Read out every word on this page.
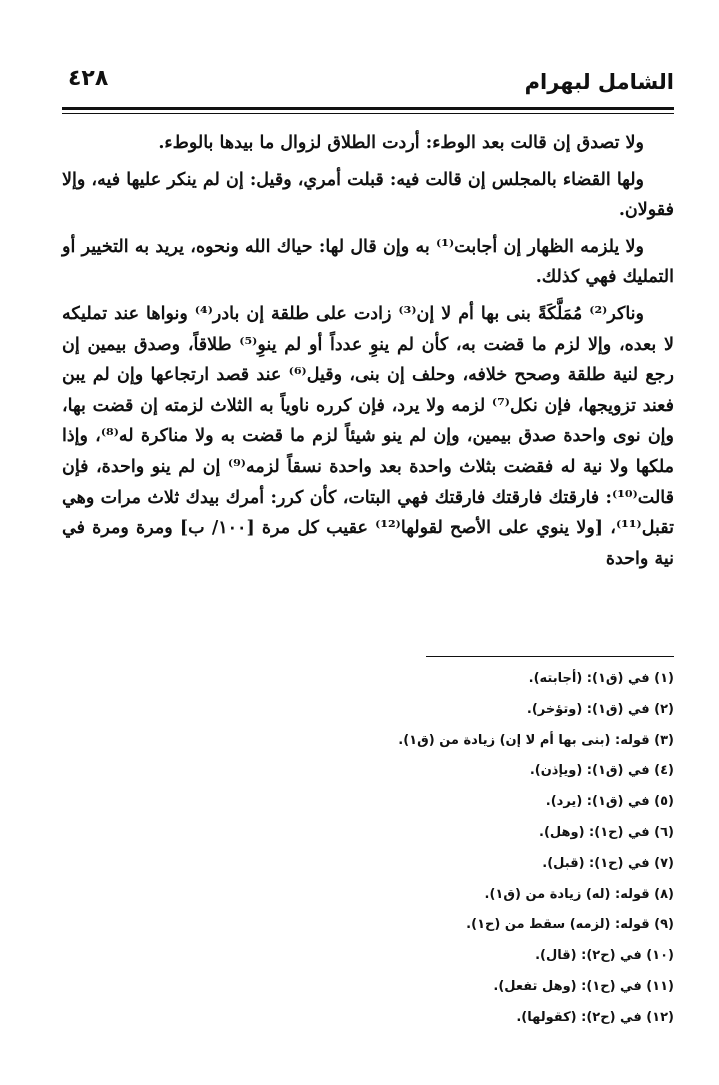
الشامل لبهرام
٤٢٨

ولا تصدق إن قالت بعد الوطء: أردت الطلاق لزوال ما بيدها بالوطء.

ولها القضاء بالمجلس إن قالت فيه: قبلت أمري، وقيل: إن لم ينكر عليها فيه، وإلا فقولان.

ولا يلزمه الظهار إن أجابت⁽¹⁾ به وإن قال لها: حياك الله ونحوه، يريد به التخيير أو التمليك فهي كذلك.

وناكر⁽²⁾ مُمَلَّكَةً بنى بها أم لا إن⁽³⁾ زادت على طلقة إن بادر⁽⁴⁾ ونواها عند تمليكه لا بعده، وإلا لزم ما قضت به، كأن لم ينوِ عدداً أو لم ينوِ⁽⁵⁾ طلاقاً، وصدق بيمين إن رجع لنية طلقة وصحح خلافه، وحلف إن بنى، وقيل⁽⁶⁾ عند قصد ارتجاعها وإن لم يبن فعند تزويجها، فإن نكل⁽⁷⁾ لزمه ولا يرد، فإن كرره ناوياً به الثلاث لزمته إن قضت بها، وإن نوى واحدة صدق بيمين، وإن لم ينو شيئاً لزم ما قضت به ولا مناكرة له⁽⁸⁾، وإذا ملكها ولا نية له فقضت بثلاث واحدة بعد واحدة نسقاً لزمه⁽⁹⁾ إن لم ينو واحدة، فإن قالت⁽¹⁰⁾: فارقتك فارقتك فارقتك فهي البتات، كأن كرر: أمرك بيدك ثلاث مرات وهي تقبل⁽¹¹⁾، [ولا ينوي على الأصح لقولها⁽¹²⁾ عقيب كل مرة [١٠٠/ ب] ومرة ومرة في نية واحدة

(١) في (ق١): (أجابته).
(٢) في (ق١): (وتؤخر).
(٣) قوله: (بنى بها أم لا إن) زيادة من (ق١).
(٤) في (ق١): (ويإذن).
(٥) في (ق١): (يرد).
(٦) في (ح١): (وهل).
(٧) في (ح١): (قبل).
(٨) قوله: (له) زيادة من (ق١).
(٩) قوله: (لزمه) سقط من (ح١).
(١٠) في (ح٢): (قال).
(١١) في (ح١): (وهل تفعل).
(١٢) في (ح٢): (كقولها).
